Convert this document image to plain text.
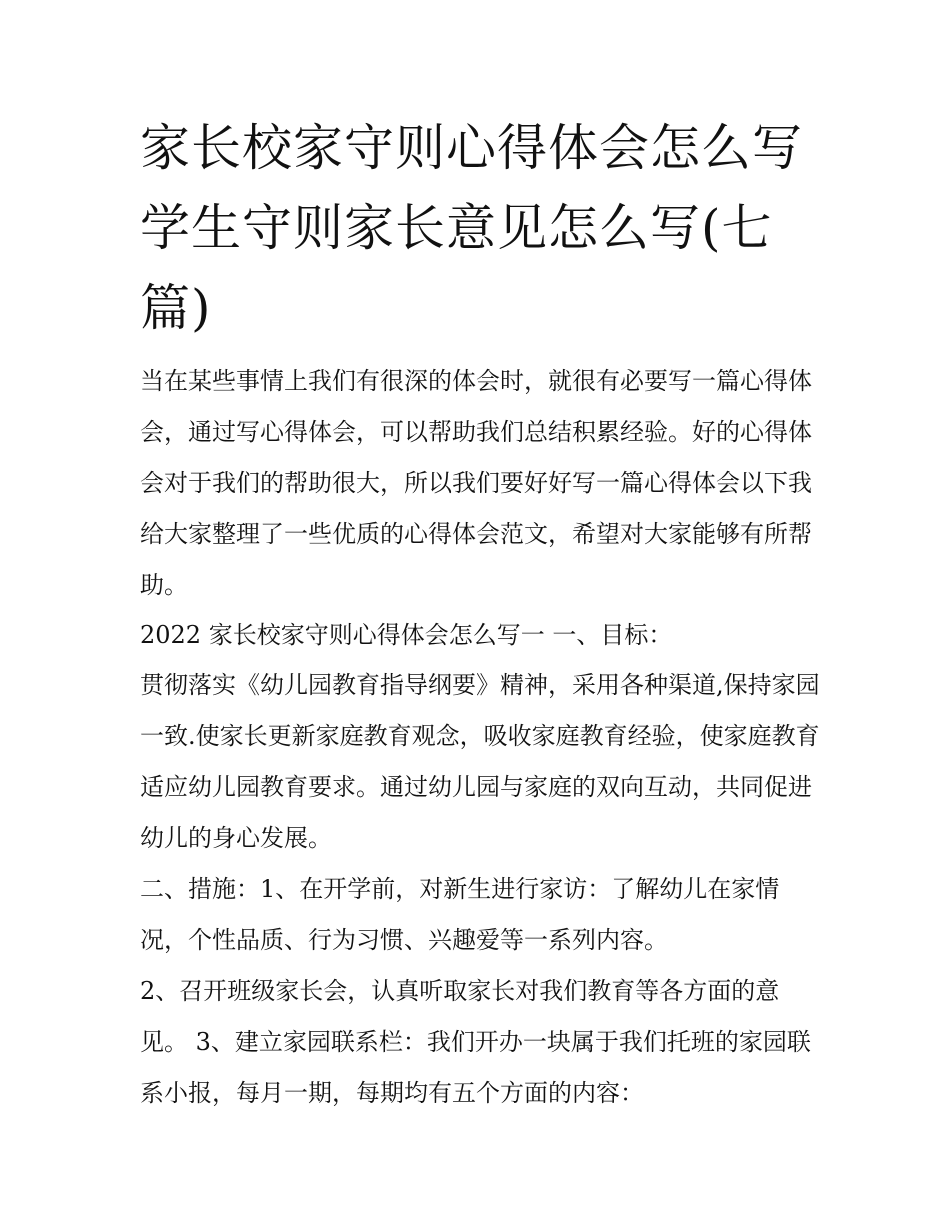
家长校家守则心得体会怎么写学生守则家长意见怎么写(七篇)

当在某些事情上我们有很深的体会时，就很有必要写一篇心得体会，通过写心得体会，可以帮助我们总结积累经验。好的心得体会对于我们的帮助很大，所以我们要好好写一篇心得体会以下我给大家整理了一些优质的心得体会范文，希望对大家能够有所帮助。

2022 家长校家守则心得体会怎么写一 一、目标：

贯彻落实《幼儿园教育指导纲要》精神，采用各种渠道,保持家园一致.使家长更新家庭教育观念，吸收家庭教育经验，使家庭教育适应幼儿园教育要求。通过幼儿园与家庭的双向互动，共同促进幼儿的身心发展。

二、措施：1、在开学前，对新生进行家访：了解幼儿在家情况，个性品质、行为习惯、兴趣爱等一系列内容。

2、召开班级家长会，认真听取家长对我们教育等各方面的意见。 3、建立家园联系栏：我们开办一块属于我们托班的家园联系小报，每月一期，每期均有五个方面的内容：
